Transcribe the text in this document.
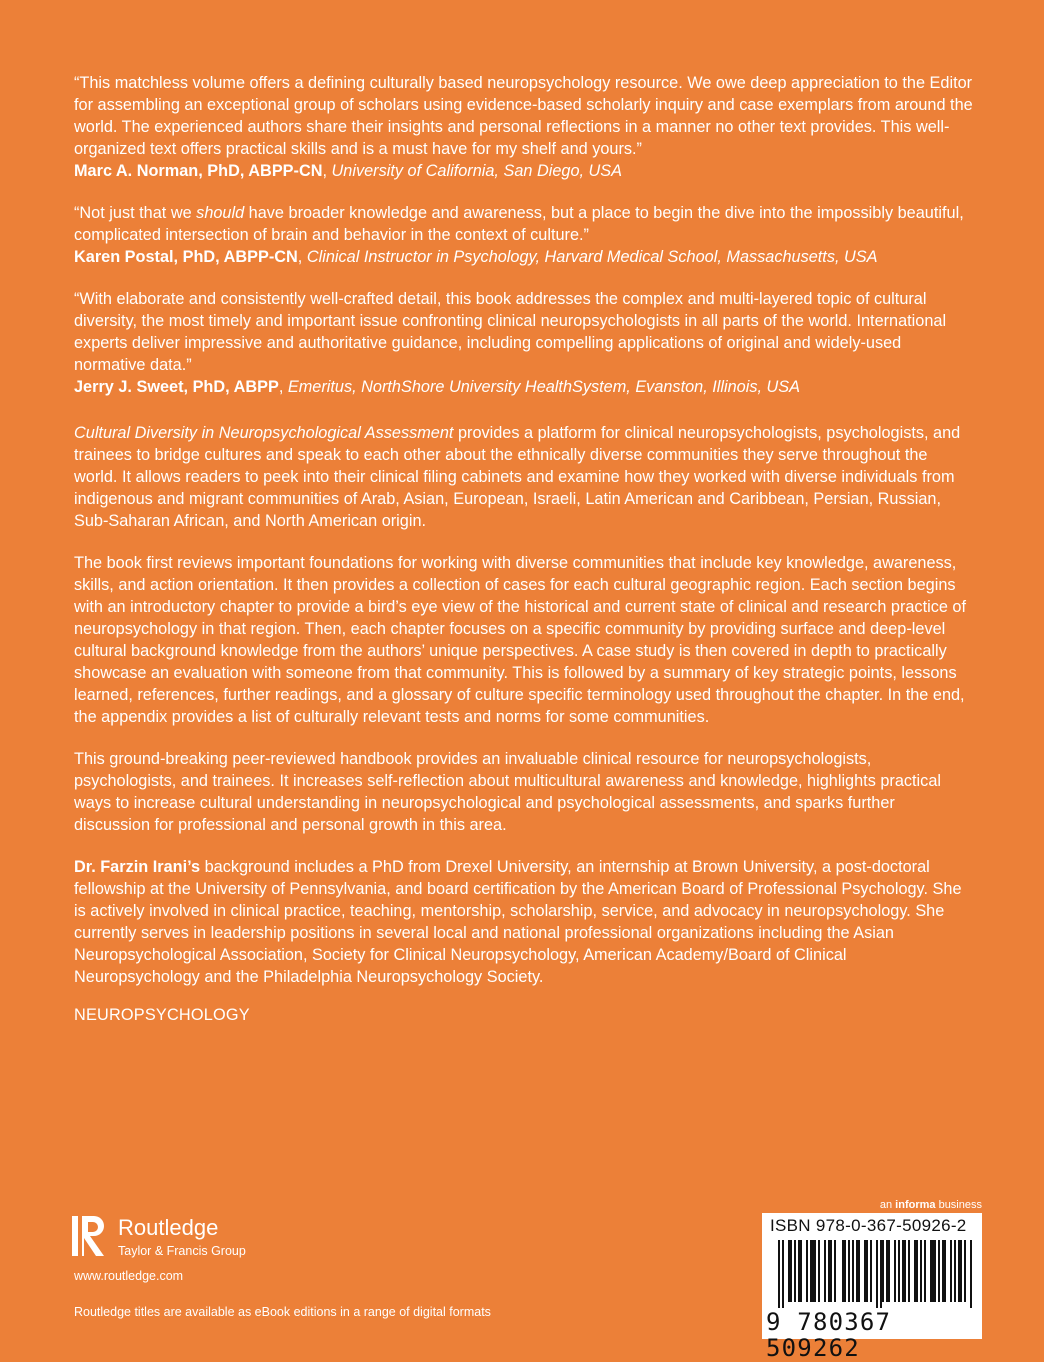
“This matchless volume offers a defining culturally based neuropsychology resource. We owe deep appreciation to the Editor for assembling an exceptional group of scholars using evidence-based scholarly inquiry and case exemplars from around the world. The experienced authors share their insights and personal reflections in a manner no other text provides. This well-organized text offers practical skills and is a must have for my shelf and yours.”
Marc A. Norman, PhD, ABPP-CN, University of California, San Diego, USA
“Not just that we should have broader knowledge and awareness, but a place to begin the dive into the impossibly beautiful, complicated intersection of brain and behavior in the context of culture.”
Karen Postal, PhD, ABPP-CN, Clinical Instructor in Psychology, Harvard Medical School, Massachusetts, USA
“With elaborate and consistently well-crafted detail, this book addresses the complex and multi-layered topic of cultural diversity, the most timely and important issue confronting clinical neuropsychologists in all parts of the world. International experts deliver impressive and authoritative guidance, including compelling applications of original and widely-used normative data.”
Jerry J. Sweet, PhD, ABPP, Emeritus, NorthShore University HealthSystem, Evanston, Illinois, USA

Cultural Diversity in Neuropsychological Assessment provides a platform for clinical neuropsychologists, psychologists, and trainees to bridge cultures and speak to each other about the ethnically diverse communities they serve throughout the world. It allows readers to peek into their clinical filing cabinets and examine how they worked with diverse individuals from indigenous and migrant communities of Arab, Asian, European, Israeli, Latin American and Caribbean, Persian, Russian, Sub-Saharan African, and North American origin.

The book first reviews important foundations for working with diverse communities that include key knowledge, awareness, skills, and action orientation. It then provides a collection of cases for each cultural geographic region. Each section begins with an introductory chapter to provide a bird’s eye view of the historical and current state of clinical and research practice of neuropsychology in that region. Then, each chapter focuses on a specific community by providing surface and deep-level cultural background knowledge from the authors’ unique perspectives. A case study is then covered in depth to practically showcase an evaluation with someone from that community. This is followed by a summary of key strategic points, lessons learned, references, further readings, and a glossary of culture specific terminology used throughout the chapter. In the end, the appendix provides a list of culturally relevant tests and norms for some communities.

This ground-breaking peer-reviewed handbook provides an invaluable clinical resource for neuropsychologists, psychologists, and trainees. It increases self-reflection about multicultural awareness and knowledge, highlights practical ways to increase cultural understanding in neuropsychological and psychological assessments, and sparks further discussion for professional and personal growth in this area.

Dr. Farzin Irani’s background includes a PhD from Drexel University, an internship at Brown University, a post-doctoral fellowship at the University of Pennsylvania, and board certification by the American Board of Professional Psychology. She is actively involved in clinical practice, teaching, mentorship, scholarship, service, and advocacy in neuropsychology. She currently serves in leadership positions in several local and national professional organizations including the Asian Neuropsychological Association, Society for Clinical Neuropsychology, American Academy/Board of Clinical Neuropsychology and the Philadelphia Neuropsychology Society.

NEUROPSYCHOLOGY

Routledge
Taylor & Francis Group
www.routledge.com
Routledge titles are available as eBook editions in a range of digital formats
an informa business
ISBN 978-0-367-50926-2
9 780367 509262
